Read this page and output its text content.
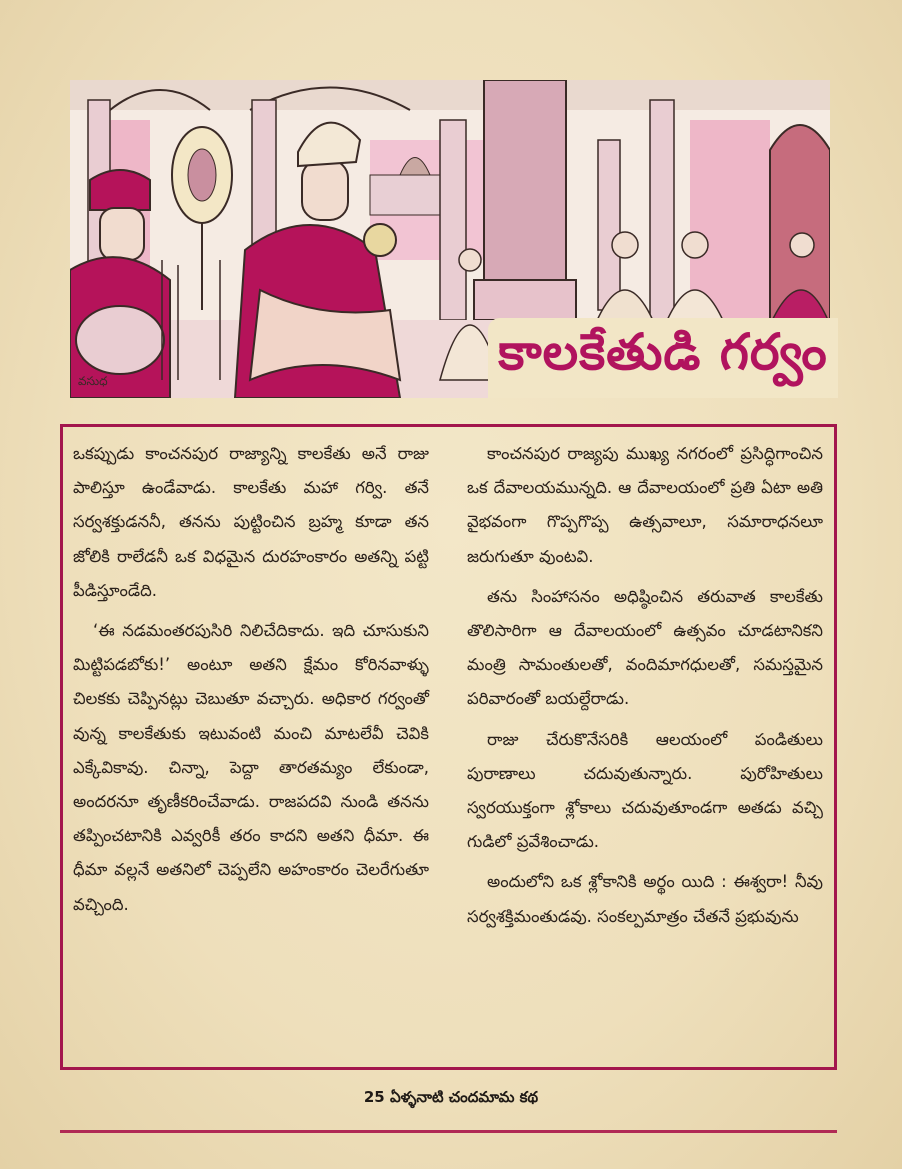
వసుధ
కాలకేతుడి గర్వం

ఒకప్పుడు కాంచనపుర రాజ్యాన్ని కాలకేతు అనే రాజు పాలిస్తూ ఉండేవాడు. కాలకేతు మహా గర్వి. తనే సర్వశక్తుడననీ, తనను పుట్టించిన బ్రహ్మ కూడా తన జోలికి రాలేడనీ ఒక విధమైన దురహంకారం అతన్ని పట్టి పీడిస్తూండేది.

‘ఈ నడమంతరపుసిరి నిలిచేదికాదు. ఇది చూసుకుని మిట్టిపడబోకు!’ అంటూ అతని క్షేమం కోరినవాళ్ళు చిలకకు చెప్పినట్లు చెబుతూ వచ్చారు. అధికార గర్వంతో వున్న కాలకేతుకు ఇటువంటి మంచి మాటలేవీ చెవికి ఎక్కేవికావు. చిన్నా, పెద్దా తారతమ్యం లేకుండా, అందరనూ తృణీకరించేవాడు. రాజపదవి నుండి తనను తప్పించటానికి ఎవ్వరికీ తరం కాదని అతని ధీమా. ఈ ధీమా వల్లనే అతనిలో చెప్పలేని అహంకారం చెలరేగుతూ వచ్చింది.

కాంచనపుర రాజ్యపు ముఖ్య నగరంలో ప్రసిద్ధిగాంచిన ఒక దేవాలయమున్నది. ఆ దేవాలయంలో ప్రతి ఏటా అతి వైభవంగా గొప్పగొప్ప ఉత్సవాలూ, సమారాధనలూ జరుగుతూ వుంటవి.

తను సింహాసనం అధిష్ఠించిన తరువాత కాలకేతు తొలిసారిగా ఆ దేవాలయంలో ఉత్సవం చూడటానికని మంత్రి సామంతులతో, వందిమాగధులతో, సమస్తమైన పరివారంతో బయల్దేరాడు.

రాజు చేరుకొనేసరికి ఆలయంలో పండితులు పురాణాలు చదువుతున్నారు. పురోహితులు స్వరయుక్తంగా శ్లోకాలు చదువుతూండగా అతడు వచ్చి గుడిలో ప్రవేశించాడు.

అందులోని ఒక శ్లోకానికి అర్థం యిది : ఈశ్వరా! నీవు సర్వశక్తిమంతుడవు. సంకల్పమాత్రం చేతనే ప్రభువును

25 ఏళ్ళనాటి చందమామ కథ
